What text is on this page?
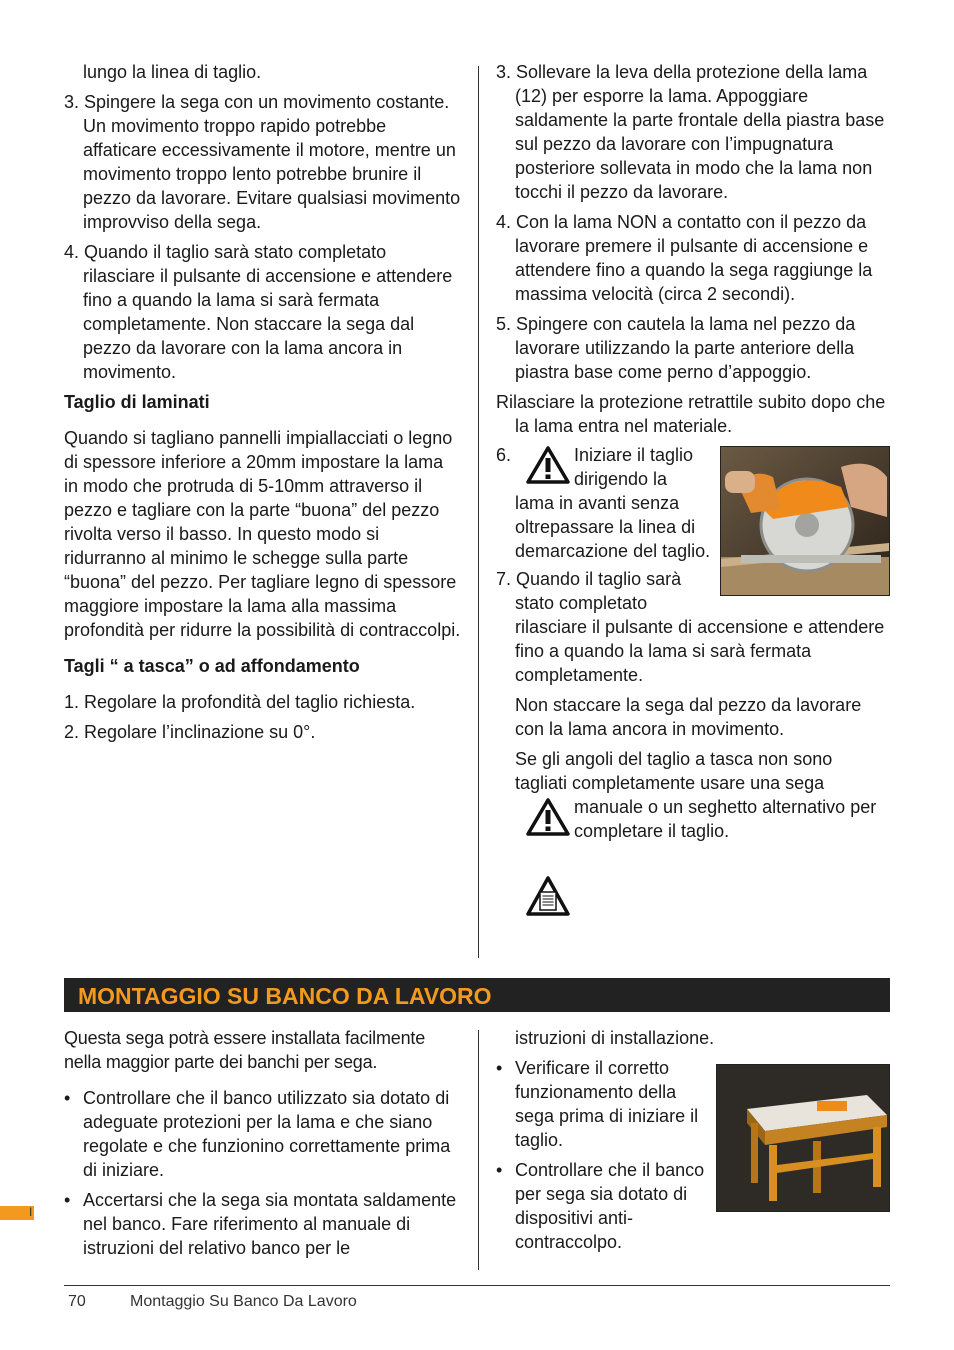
lungo la linea di taglio.

3. Spingere la sega con un movimento costante. Un movimento troppo rapido potrebbe affaticare eccessivamente il motore, mentre un movimento troppo lento potrebbe brunire il pezzo da lavorare. Evitare qualsiasi movimento improvviso della sega.

4. Quando il taglio sarà stato completato rilasciare il pulsante di accensione e attendere fino a quando la lama si sarà fermata completamente. Non staccare la sega dal pezzo da lavorare con la lama ancora in movimento.

Taglio di laminati

Quando si tagliano pannelli impiallacciati o legno di spessore inferiore a 20mm impostare la lama in modo che protruda di 5-10mm attraverso il pezzo e tagliare con la parte “buona” del pezzo rivolta verso il basso. In questo modo si ridurranno al minimo le schegge sulla parte “buona” del pezzo. Per tagliare legno di spessore maggiore impostare la lama alla massima profondità per ridurre la possibilità di contraccolpi.

Tagli “ a tasca” o ad affondamento

1. Regolare la profondità del taglio richiesta.

2. Regolare l’inclinazione su 0°.

3. Sollevare la leva della protezione della lama (12) per esporre la lama. Appoggiare saldamente la parte frontale della piastra base sul pezzo da lavorare con l’impugnatura posteriore sollevata in modo che la lama non tocchi il pezzo da lavorare.

4. Con la lama NON a contatto con il pezzo da lavorare premere il pulsante di accensione e attendere fino a quando la sega raggiunge la massima velocità (circa 2 secondi).

5. Spingere con cautela la lama nel pezzo da lavorare utilizzando la parte anteriore della piastra base come perno d’appoggio.

Rilasciare la protezione retrattile subito dopo che la lama entra nel materiale.

6.	Iniziare il taglio

dirigendo la

lama in avanti senza

oltrepassare la linea di

demarcazione del taglio.

7. Quando il taglio sarà

stato completato

rilasciare il pulsante di accensione e attendere fino a quando la lama si sarà fermata completamente.

Non staccare la sega dal pezzo da lavorare con la lama ancora in movimento.

Se gli angoli del taglio a tasca non sono tagliati completamente usare una sega

manuale o un seghetto alternativo per completare il taglio.

MONTAGGIO SU BANCO DA LAVORO

Questa sega potrà essere installata facilmente nella maggior parte dei banchi per sega.

• Controllare che il banco utilizzato sia dotato di adeguate protezioni per la lama e che siano regolate e che funzionino correttamente prima di iniziare.
• Accertarsi che la sega sia montata saldamente nel banco. Fare riferimento al manuale di istruzioni del relativo banco per le

istruzioni di installazione.

• Verificare il corretto funzionamento della sega prima di iniziare il taglio.
• Controllare che il banco per sega sia dotato di dispositivi anti-contraccolpo.
I
70	Montaggio Su Banco Da Lavoro
